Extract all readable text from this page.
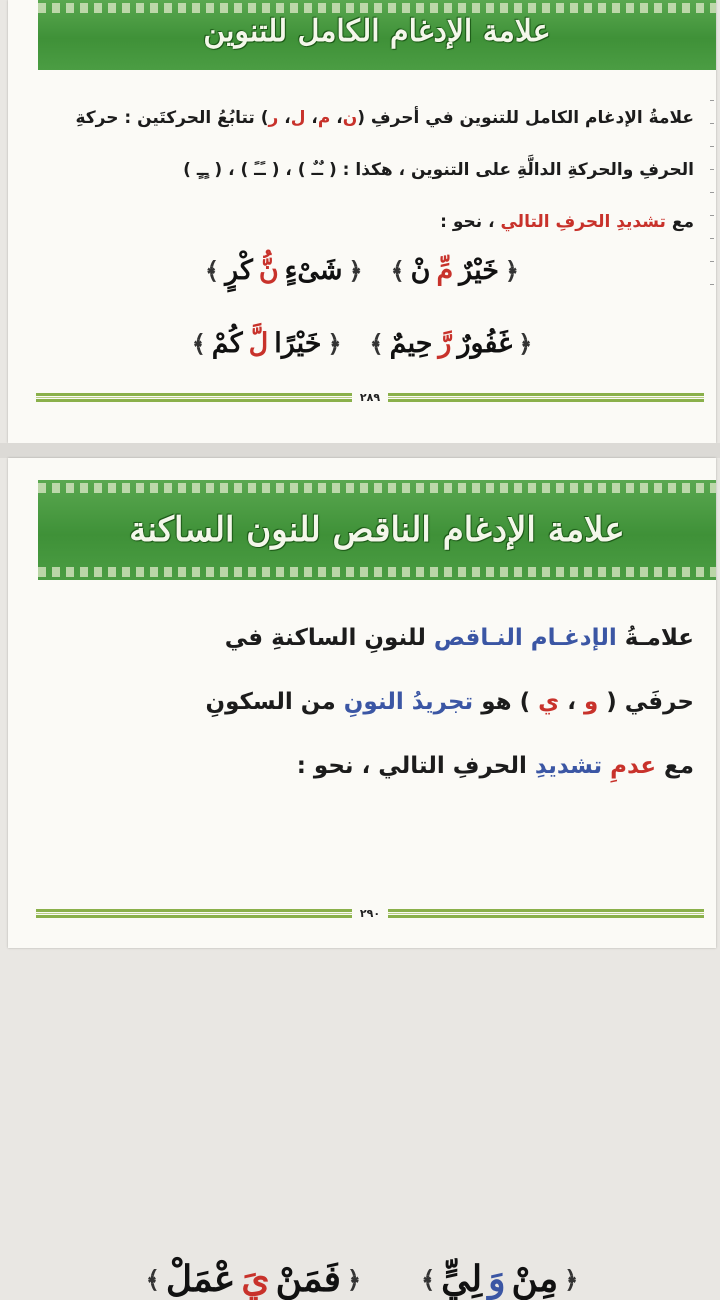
علامة الإدغام الكامل للتنوين
علامةُ الإدغام الكامل للتنوين في أحرفِ (ن، م، ل، ر) تتابُعُ الحركتَين : حركةِ
الحرفِ والحركةِ الدالَّةِ على التنوين ، هكذا : ( ـٌـٌ ) ، ( ـًـً ) ، ( ـٍـٍ )
مع تشديدِ الحرفِ التالي ، نحو :
﴿
خَيْرٌ
مِّ
نْ
﴾
﴿
شَىْءٍ
نُّ
كْرٍ
﴾
﴿
غَفُورٌ
رَّ
حِيمٌ
﴾
﴿
خَيْرًا
لَّ
كُمْ
﴾
٢٨٩
علامة الإدغام الناقص للنون الساكنة
علامـةُ الإدغـام النـاقص للنونِ الساكنةِ في
حرفَي ( و ، ي ) هو تجريدُ النونِ من السكونِ
مع عدمِ تشديدِ الحرفِ التالي ، نحو :
﴿
مِنْ
وَ
لِيٍّ
﴾
﴿
فَمَنْ
يَ
عْمَلْ
﴾
٢٩٠
